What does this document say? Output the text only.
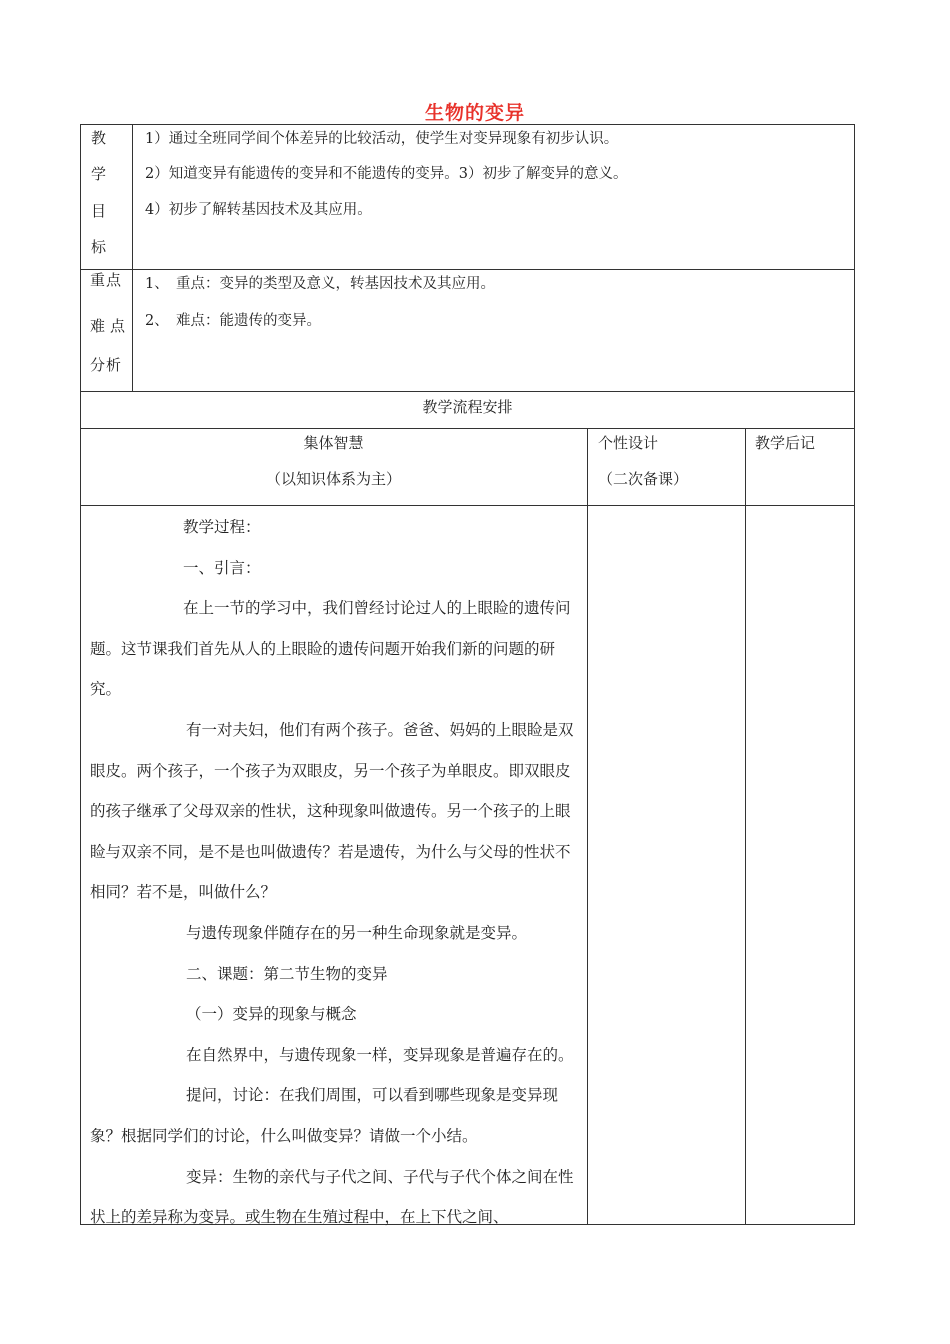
生物的变异
教
学
目
标
1）通过全班同学间个体差异的比较活动，使学生对变异现象有初步认识。
2）知道变异有能遗传的变异和不能遗传的变异。3）初步了解变异的意义。
4）初步了解转基因技术及其应用。
重点
难点
分析
1、　重点：变异的类型及意义，转基因技术及其应用。
2、　难点：能遗传的变异。
教学流程安排
集体智慧
（以知识体系为主）
个性设计
（二次备课）
教学后记

教学过程：

一、引言：

在上一节的学习中，我们曾经讨论过人的上眼睑的遗传问题。这节课我们首先从人的上眼睑的遗传问题开始我们新的问题的研究。

有一对夫妇，他们有两个孩子。爸爸、妈妈的上眼睑是双眼皮。两个孩子，一个孩子为双眼皮，另一个孩子为单眼皮。即双眼皮的孩子继承了父母双亲的性状，这种现象叫做遗传。另一个孩子的上眼睑与双亲不同，是不是也叫做遗传？若是遗传，为什么与父母的性状不相同？若不是，叫做什么？

与遗传现象伴随存在的另一种生命现象就是变异。

二、课题：第二节生物的变异

（一）变异的现象与概念

在自然界中，与遗传现象一样，变异现象是普遍存在的。

提问，讨论：在我们周围，可以看到哪些现象是变异现象？根据同学们的讨论，什么叫做变异？请做一个小结。

变异：生物的亲代与子代之间、子代与子代个体之间在性状上的差异称为变异。或生物在生殖过程中，在上下代之间、
